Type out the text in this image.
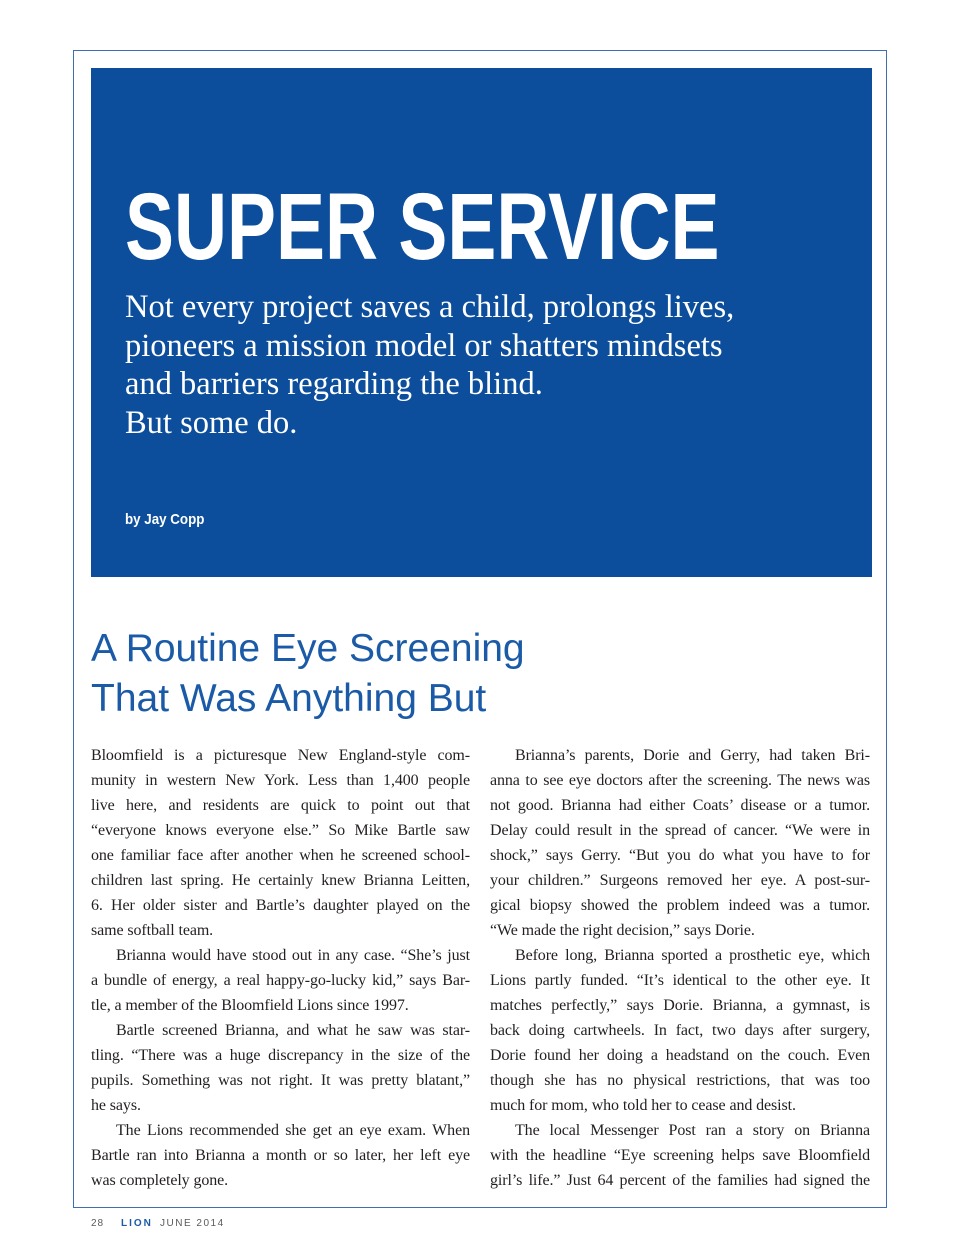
SUPER SERVICE
Not every project saves a child, prolongs lives,
pioneers a mission model or shatters mindsets
and barriers regarding the blind.
But some do.
by Jay Copp
A Routine Eye Screening
That Was Anything But
Bloomfield is a picturesque New England-style com-
munity in western New York. Less than 1,400 people
live here, and residents are quick to point out that
“everyone knows everyone else.” So Mike Bartle saw
one familiar face after another when he screened school-
children last spring. He certainly knew Brianna Leitten,
6. Her older sister and Bartle’s daughter played on the
same softball team.
Brianna would have stood out in any case. “She’s just
a bundle of energy, a real happy-go-lucky kid,” says Bar-
tle, a member of the Bloomfield Lions since 1997.
Bartle screened Brianna, and what he saw was star-
tling. “There was a huge discrepancy in the size of the
pupils. Something was not right. It was pretty blatant,”
he says.
The Lions recommended she get an eye exam. When
Bartle ran into Brianna a month or so later, her left eye
was completely gone.
Brianna’s parents, Dorie and Gerry, had taken Bri-
anna to see eye doctors after the screening. The news was
not good. Brianna had either Coats’ disease or a tumor.
Delay could result in the spread of cancer. “We were in
shock,” says Gerry. “But you do what you have to for
your children.” Surgeons removed her eye. A post-sur-
gical biopsy showed the problem indeed was a tumor.
“We made the right decision,” says Dorie.
Before long, Brianna sported a prosthetic eye, which
Lions partly funded. “It’s identical to the other eye. It
matches perfectly,” says Dorie. Brianna, a gymnast, is
back doing cartwheels. In fact, two days after surgery,
Dorie found her doing a headstand on the couch. Even
though she has no physical restrictions, that was too
much for mom, who told her to cease and desist.
The local Messenger Post ran a story on Brianna
with the headline “Eye screening helps save Bloomfield
girl’s life.” Just 64 percent of the families had signed the
28 LION JUNE 2014
